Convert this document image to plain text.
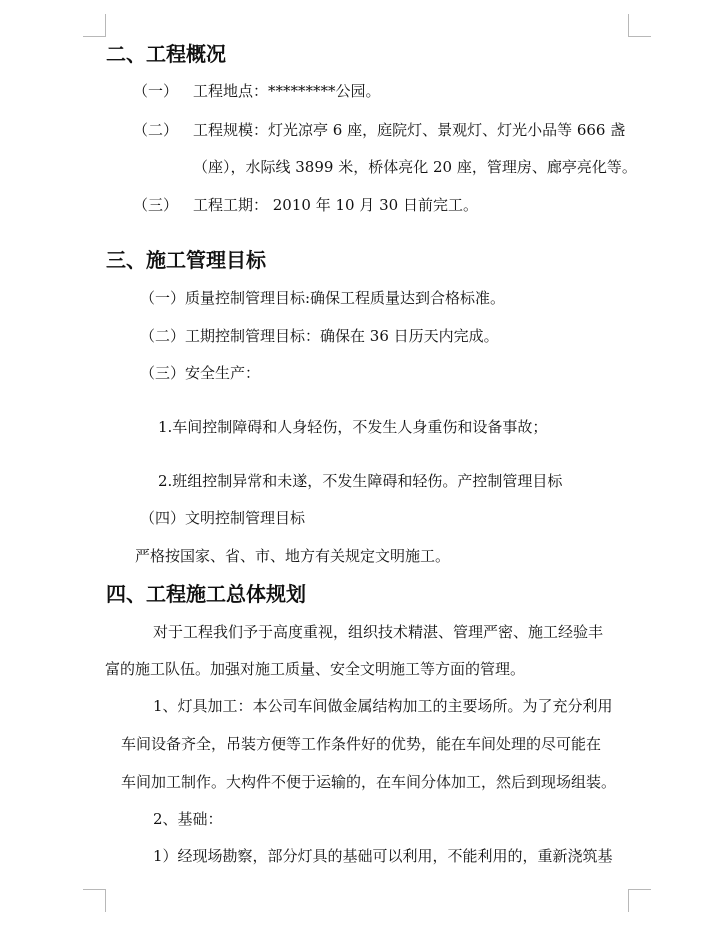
二、工程概况
（一） 工程地点：*********公园。
（二） 工程规模：灯光凉亭 6 座，庭院灯、景观灯、灯光小品等 666 盏
（座），水际线 3899 米，桥体亮化 20 座，管理房、廊亭亮化等。
（三） 工程工期： 2010 年 10 月 30 日前完工。
三、施工管理目标
（一）质量控制管理目标:确保工程质量达到合格标准。
（二）工期控制管理目标：确保在 36 日历天内完成。
（三）安全生产：
1.车间控制障碍和人身轻伤，不发生人身重伤和设备事故；
2.班组控制异常和未遂，不发生障碍和轻伤。产控制管理目标
（四）文明控制管理目标
严格按国家、省、市、地方有关规定文明施工。
四、工程施工总体规划
对于工程我们予于高度重视，组织技术精湛、管理严密、施工经验丰
富的施工队伍。加强对施工质量、安全文明施工等方面的管理。
1、灯具加工：本公司车间做金属结构加工的主要场所。为了充分利用
车间设备齐全，吊装方便等工作条件好的优势，能在车间处理的尽可能在
车间加工制作。大构件不便于运输的，在车间分体加工，然后到现场组装。
2、基础：
1）经现场勘察，部分灯具的基础可以利用，不能利用的，重新浇筑基
